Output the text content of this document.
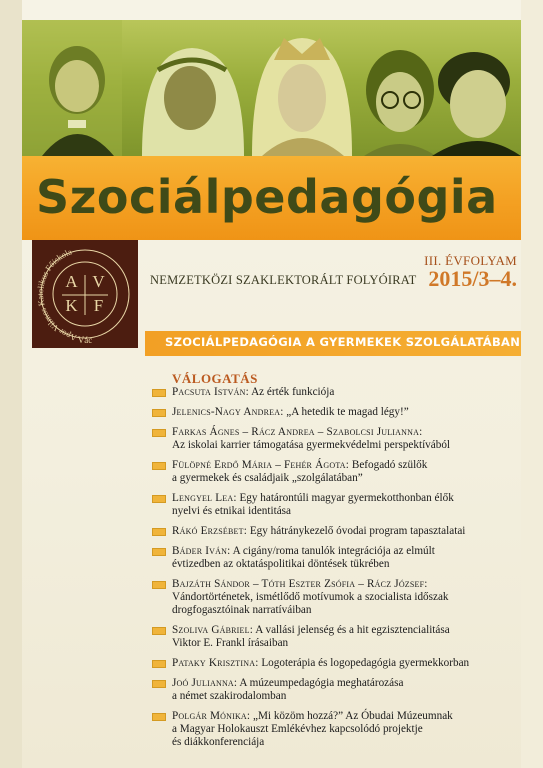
Szociálpedagógia
Apor Vilmos Katolikus Főiskola
Vác
A V
K F
III. ÉVFOLYAM
NEMZETKÖZI SZAKLEKTORÁLT FOLYÓIRAT 2015/3–4.
SZOCIÁLPEDAGÓGIA A GYERMEKEK SZOLGÁLATÁBAN
VÁLOGATÁS
Pacsuta István: Az érték funkciója
Jelenics-Nagy Andrea: „A hetedik te magad légy!”
Farkas Ágnes – Rácz Andrea – Szabolcsi Julianna:
Az iskolai karrier támogatása gyermekvédelmi perspektívából
Fülöpné Erdő Mária – Fehér Ágota: Befogadó szülők
a gyermekek és családjaik „szolgálatában”
Lengyel Lea: Egy határontúli magyar gyermekotthonban élők
nyelvi és etnikai identitása
Rákó Erzsébet: Egy hátránykezelő óvodai program tapasztalatai
Báder Iván: A cigány/roma tanulók integrációja az elmúlt
évtizedben az oktatáspolitikai döntések tükrében
Bajzáth Sándor – Tóth Eszter Zsófia – Rácz József:
Vándortörténetek, ismétlődő motívumok a szocialista időszak
drogfogasztóinak narratíváiban
Szoliva Gábriel: A vallási jelenség és a hit egzisztencialitása
Viktor E. Frankl írásaiban
Pataky Krisztina: Logoterápia és logopedagógia gyermekkorban
Joó Julianna: A múzeumpedagógia meghatározása
a német szakirodalomban
Polgár Mónika: „Mi közöm hozzá?” Az Óbudai Múzeumnak
a Magyar Holokauszt Emlékévhez kapcsolódó projektje
és diákkonferenciája
